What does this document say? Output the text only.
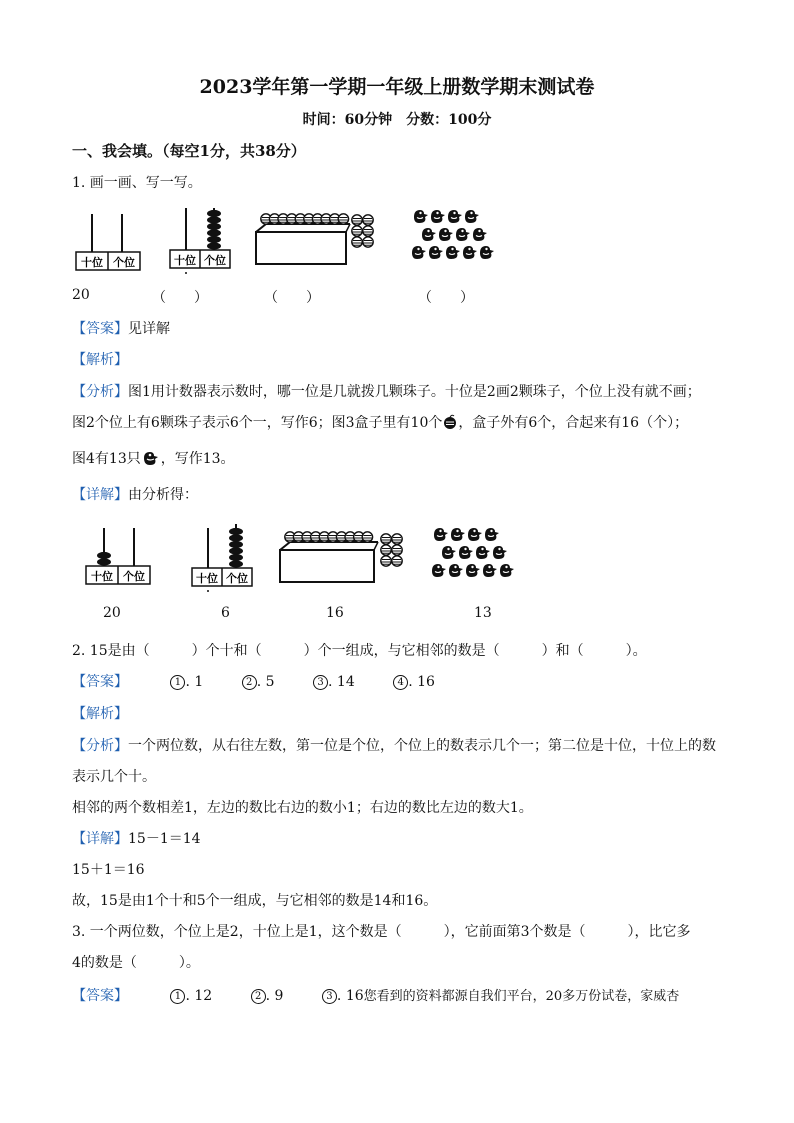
2023学年第一学期一年级上册数学期末测试卷
时间：60分钟　分数：100分
一、我会填。（每空1分，共38分）
1. 画一画、写一写。
十位 个位	十位 个位
20	（　　）	（　　）	（　　）
【答案】见详解
【解析】
【分析】图1用计数器表示数时，哪一位是几就拨几颗珠子。十位是2画2颗珠子，个位上没有就不画；
图2个位上有6颗珠子表示6个一，写作6；图3盒子里有10个 ，盒子外有6个，合起来有16（个）；
图4有13只 ，写作13。
【详解】由分析得：
十位 个位	十位 个位
20	6	16	13
2. 15是由（　　　）个十和（　　　）个一组成，与它相邻的数是（　　　）和（　　　）。
【答案】	1 . 1	2 . 5	3 . 14	4 . 16
【解析】
【分析】一个两位数，从右往左数，第一位是个位，个位上的数表示几个一；第二位是十位，十位上的数
表示几个十。
相邻的两个数相差1，左边的数比右边的数小1；右边的数比左边的数大1。
【详解】15－1＝14
15＋1＝16
故，15是由1个十和5个一组成，与它相邻的数是14和16。
3. 一个两位数，个位上是2，十位上是1，这个数是（　　　），它前面第3个数是（　　　），比它多
4的数是（　　　）。
【答案】	1 . 12	2 . 9	3 . 16您看到的资料都源自我们平台，20多万份试卷，家威杏
